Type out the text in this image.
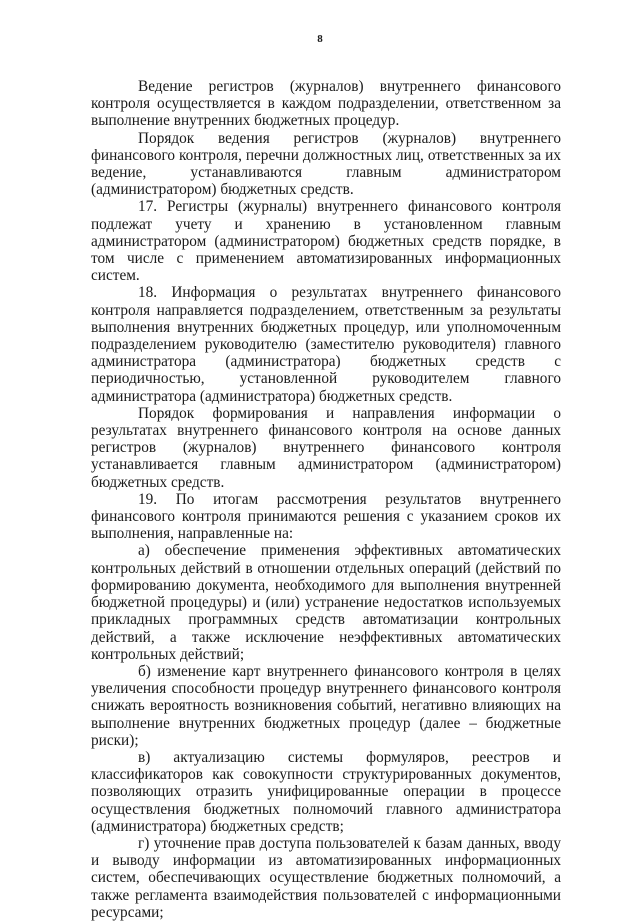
8

Ведение регистров (журналов) внутреннего финансового контроля осуществляется в каждом подразделении, ответственном за выполнение внутренних бюджетных процедур.

Порядок ведения регистров (журналов) внутреннего финансового контроля, перечни должностных лиц, ответственных за их ведение, устанавливаются главным администратором (администратором) бюджетных средств.

17. Регистры (журналы) внутреннего финансового контроля подлежат учету и хранению в установленном главным администратором (администратором) бюджетных средств порядке, в том числе с применением автоматизированных информационных систем.

18. Информация о результатах внутреннего финансового контроля направляется подразделением, ответственным за результаты выполнения внутренних бюджетных процедур, или уполномоченным подразделением руководителю (заместителю руководителя) главного администратора (администратора) бюджетных средств с периодичностью, установленной руководителем главного администратора (администратора) бюджетных средств.

Порядок формирования и направления информации о результатах внутреннего финансового контроля на основе данных регистров (журналов) внутреннего финансового контроля устанавливается главным администратором (администратором) бюджетных средств.

19. По итогам рассмотрения результатов внутреннего финансового контроля принимаются решения с указанием сроков их выполнения, направленные на:

а) обеспечение применения эффективных автоматических контрольных действий в отношении отдельных операций (действий по формированию документа, необходимого для выполнения внутренней бюджетной процедуры) и (или) устранение недостатков используемых прикладных программных средств автоматизации контрольных действий, а также исключение неэффективных автоматических контрольных действий;

б) изменение карт внутреннего финансового контроля в целях увеличения способности процедур внутреннего финансового контроля снижать вероятность возникновения событий, негативно влияющих на выполнение внутренних бюджетных процедур (далее – бюджетные риски);

в) актуализацию системы формуляров, реестров и классификаторов как совокупности структурированных документов, позволяющих отразить унифицированные операции в процессе осуществления бюджетных полномочий главного администратора (администратора) бюджетных средств;

г) уточнение прав доступа пользователей к базам данных, вводу и выводу информации из автоматизированных информационных систем, обеспечивающих осуществление бюджетных полномочий, а также регламента взаимодействия пользователей с информационными ресурсами;
